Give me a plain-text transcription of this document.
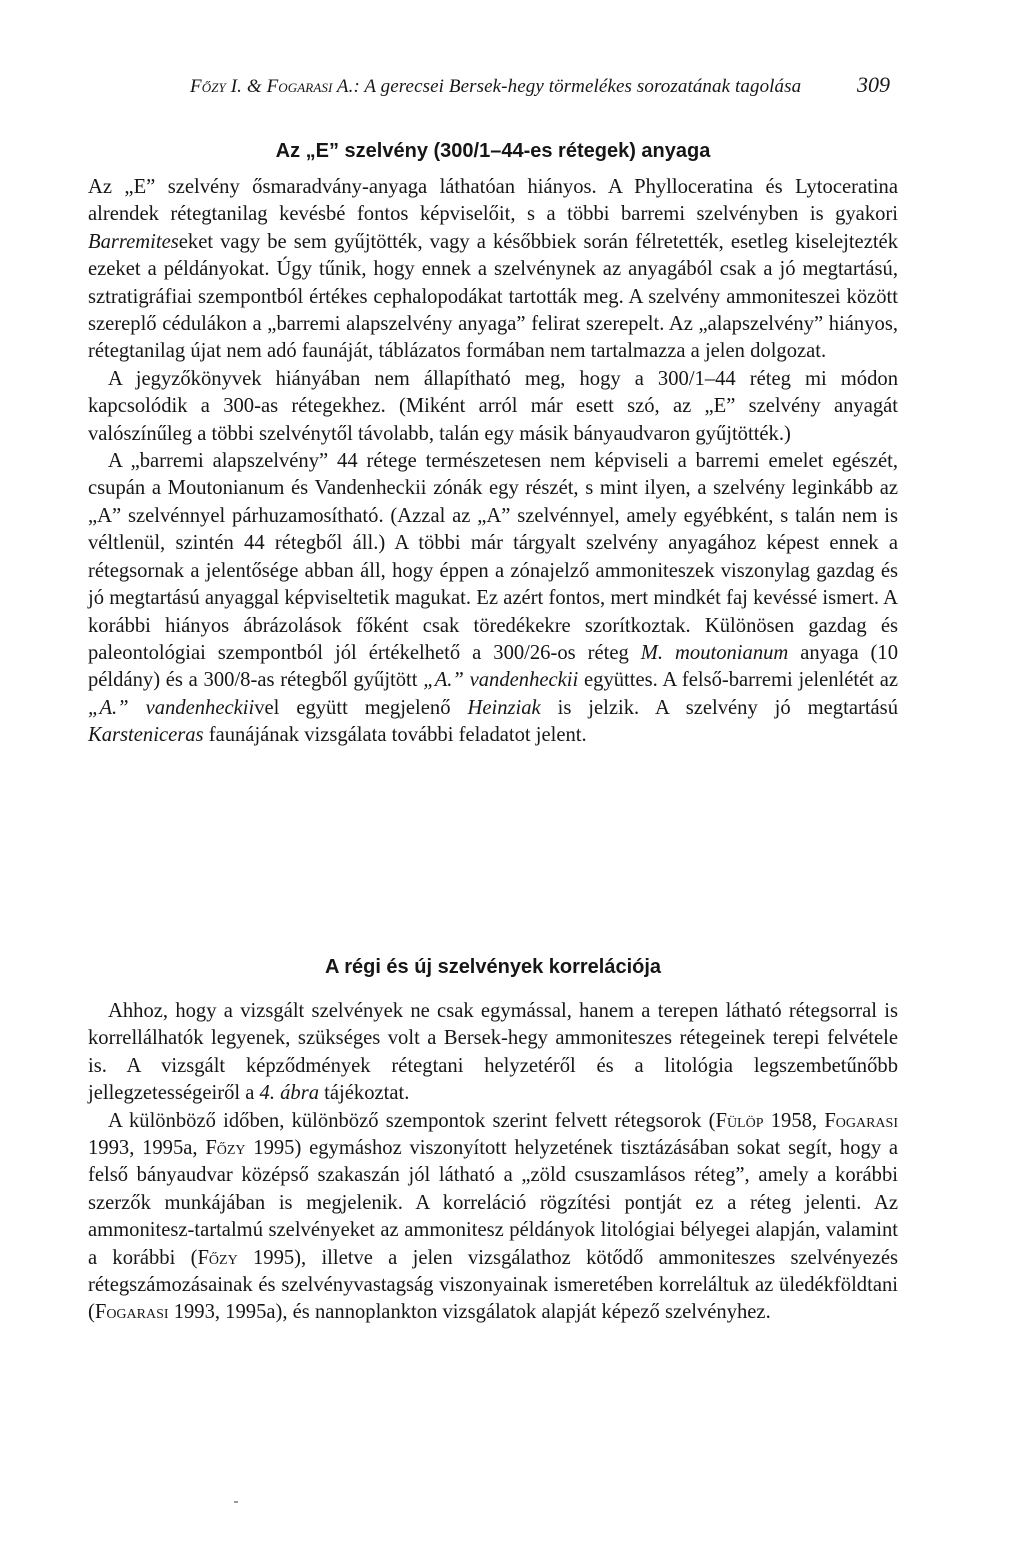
Főzy I. & Fogarasi A.: A gerecsei Bersek-hegy törmelékes sorozatának tagolása	309
Az „E” szelvény (300/1–44-es rétegek) anyaga

Az „E” szelvény ősmaradvány-anyaga láthatóan hiányos. A Phylloceratina és Lytoceratina alrendek rétegtanilag kevésbé fontos képviselőit, s a többi barremi szelvényben is gyakori Barremiteseket vagy be sem gyűjtötték, vagy a későbbiek során félretették, esetleg kiselejtezték ezeket a példányokat. Úgy tűnik, hogy ennek a szelvénynek az anyagából csak a jó megtartású, sztratigráfiai szempontból értékes cephalopodákat tartották meg. A szelvény ammoniteszei között szereplő cédulákon a „barremi alapszelvény anyaga” felirat szerepelt. Az „alapszelvény” hiányos, rétegtanilag újat nem adó faunáját, táblázatos formában nem tartalmazza a jelen dolgozat.

A jegyzőkönyvek hiányában nem állapítható meg, hogy a 300/1–44 réteg mi módon kapcsolódik a 300-as rétegekhez. (Miként arról már esett szó, az „E” szelvény anyagát valószínűleg a többi szelvénytől távolabb, talán egy másik bányaudvaron gyűjtötték.)

A „barremi alapszelvény” 44 rétege természetesen nem képviseli a barremi emelet egészét, csupán a Moutonianum és Vandenheckii zónák egy részét, s mint ilyen, a szelvény leginkább az „A” szelvénnyel párhuzamosítható. (Azzal az „A” szelvénnyel, amely egyébként, s talán nem is véltlenül, szintén 44 rétegből áll.) A többi már tárgyalt szelvény anyagához képest ennek a rétegsornak a jelentősége abban áll, hogy éppen a zónajelző ammoniteszek viszonylag gazdag és jó megtartású anyaggal képviseltetik magukat. Ez azért fontos, mert mindkét faj kevéssé ismert. A korábbi hiányos ábrázolások főként csak töredékekre szorítkoztak. Különösen gazdag és paleontológiai szempontból jól értékelhető a 300/26-os réteg M. moutonianum anyaga (10 példány) és a 300/8-as rétegből gyűjtött „A.” vandenheckii együttes. A felső-barremi jelenlétét az „A.” vandenheckiivel együtt megjelenő Heinziak is jelzik. A szelvény jó megtartású Karsteniceras faunájának vizsgálata további feladatot jelent.

A régi és új szelvények korrelációja

Ahhoz, hogy a vizsgált szelvények ne csak egymással, hanem a terepen látható rétegsorral is korrellálhatók legyenek, szükséges volt a Bersek-hegy ammoniteszes rétegeinek terepi felvétele is. A vizsgált képződmények rétegtani helyzetéről és a litológia legszembetűnőbb jellegzetességeiről a 4. ábra tájékoztat.

A különböző időben, különböző szempontok szerint felvett rétegsorok (Fülöp 1958, Fogarasi 1993, 1995a, Főzy 1995) egymáshoz viszonyított helyzetének tisztázásában sokat segít, hogy a felső bányaudvar középső szakaszán jól látható a „zöld csuszamlásos réteg”, amely a korábbi szerzők munkájában is megjelenik. A korreláció rögzítési pontját ez a réteg jelenti. Az ammonitesz-tartalmú szelvényeket az ammonitesz példányok litológiai bélyegei alapján, valamint a korábbi (Főzy 1995), illetve a jelen vizsgálathoz kötődő ammoniteszes szelvényezés rétegszámozásainak és szelvényvastagság viszonyainak ismeretében korreláltuk az üledékföldtani (Fogarasi 1993, 1995a), és nannoplankton vizsgálatok alapját képező szelvényhez.
